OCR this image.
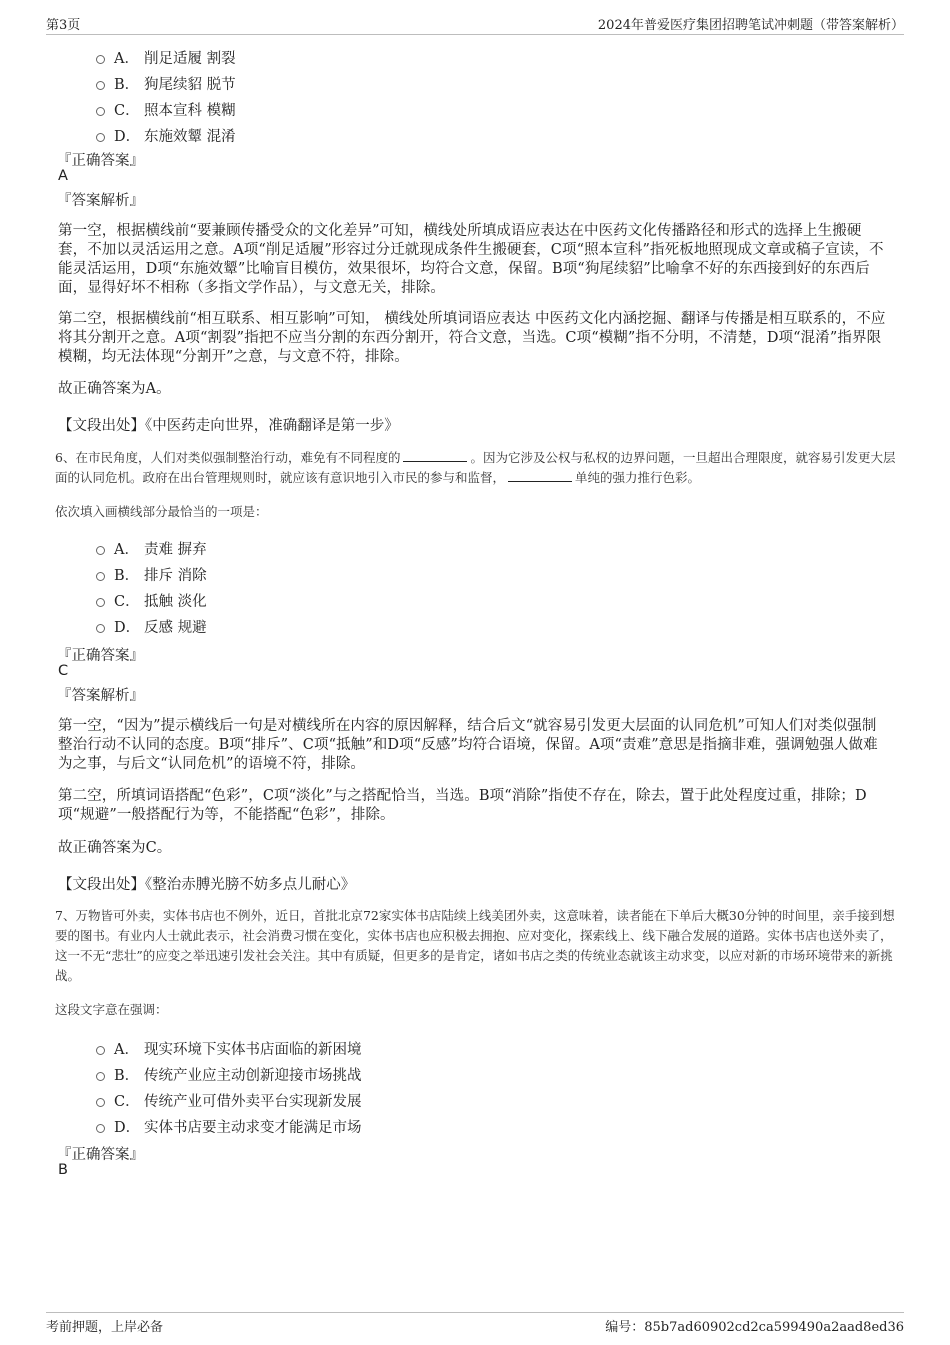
第3页	2024年普爱医疗集团招聘笔试冲刺题（带答案解析）
A． 削足适履 割裂
B． 狗尾续貂 脱节
C． 照本宣科 模糊
D． 东施效颦 混淆
『正确答案』
A
『答案解析』
第一空，根据横线前“要兼顾传播受众的文化差异”可知，横线处所填成语应表达在中医药文化传播路径和形式的选择上生搬硬套，不加以灵活运用之意。A项“削足适履”形容过分迁就现成条件生搬硬套，C项“照本宣科”指死板地照现成文章或稿子宣读，不能灵活运用，D项“东施效颦”比喻盲目模仿，效果很坏，均符合文意，保留。B项“狗尾续貂”比喻拿不好的东西接到好的东西后面，显得好坏不相称（多指文学作品），与文意无关，排除。
第二空，根据横线前“相互联系、相互影响”可知， 横线处所填词语应表达 中医药文化内涵挖掘、翻译与传播是相互联系的，不应将其分割开之意。A项“割裂”指把不应当分割的东西分割开，符合文意，当选。C项“模糊”指不分明，不清楚，D项“混淆”指界限模糊，均无法体现“分割开”之意，与文意不符，排除。
故正确答案为A。
【文段出处】《中医药走向世界，准确翻译是第一步》
6、在市民角度，人们对类似强制整治行动，难免有不同程度的	。因为它涉及公权与私权的边界问题，一旦超出合理限度，就容易引发更大层面的认同危机。政府在出台管理规则时，就应该有意识地引入市民的参与和监督，	单纯的强力推行色彩。
依次填入画横线部分最恰当的一项是：
A． 责难 摒弃
B． 排斥 消除
C． 抵触 淡化
D． 反感 规避
『正确答案』
C
『答案解析』
第一空，“因为”提示横线后一句是对横线所在内容的原因解释，结合后文“就容易引发更大层面的认同危机”可知人们对类似强制整治行动不认同的态度。B项“排斥”、C项“抵触”和D项“反感”均符合语境，保留。A项“责难”意思是指摘非难，强调勉强人做难为之事，与后文“认同危机”的语境不符，排除。
第二空，所填词语搭配“色彩”，C项“淡化”与之搭配恰当，当选。B项“消除”指使不存在，除去，置于此处程度过重，排除；D项“规避”一般搭配行为等，不能搭配“色彩”，排除。
故正确答案为C。
【文段出处】《整治赤膊光膀不妨多点儿耐心》
7、万物皆可外卖，实体书店也不例外，近日，首批北京72家实体书店陆续上线美团外卖，这意味着，读者能在下单后大概30分钟的时间里，亲手接到想要的图书。有业内人士就此表示，社会消费习惯在变化，实体书店也应积极去拥抱、应对变化，探索线上、线下融合发展的道路。实体书店也送外卖了，这一不无“悲壮”的应变之举迅速引发社会关注。其中有质疑，但更多的是肯定，诸如书店之类的传统业态就该主动求变，以应对新的市场环境带来的新挑战。
这段文字意在强调：
A． 现实环境下实体书店面临的新困境
B． 传统产业应主动创新迎接市场挑战
C． 传统产业可借外卖平台实现新发展
D． 实体书店要主动求变才能满足市场
『正确答案』
B
考前押题，上岸必备	编号：85b7ad60902cd2ca599490a2aad8ed36
